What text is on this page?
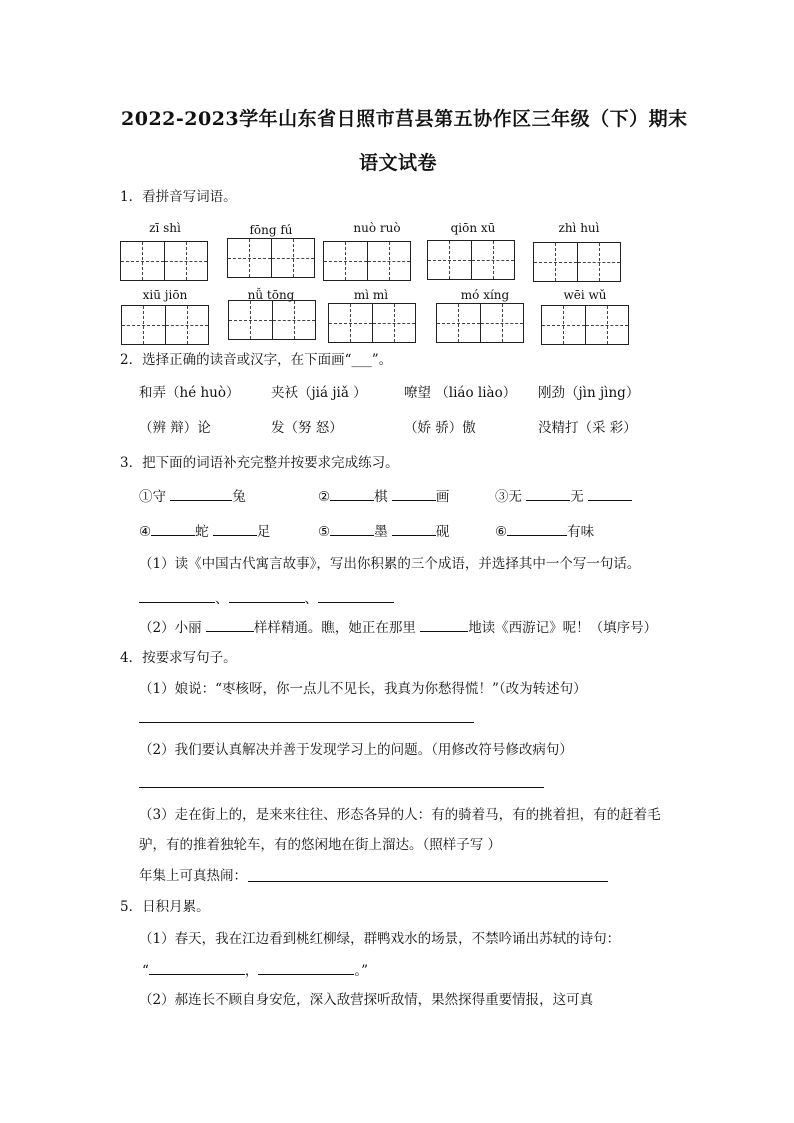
2022-2023学年山东省日照市莒县第五协作区三年级（下）期末
语文试卷
1．看拼音写词语。
zī shì	fōng fú	nuò ruò	qiōn xū	zhì huì
xiū jiōn	nǚ tōng	mì mì	mó xíng	wēi wǔ
2．选择正确的读音或汉字，在下面画“___”。
和弄（hé huò） 夹袄（jiá jiǎ ）	嘹望 （liáo liào） 刚劲（jìn jìng）
（辨 辩）论	发（努 怒）	（娇 骄）傲	没精打（采 彩）
3．把下面的词语补充完整并按要求完成练习。
①守	兔	②	棋	画	③无	无
④	蛇	足	⑤	墨	砚	⑥	有味
（1）读《中国古代寓言故事》，写出你积累的三个成语，并选择其中一个写一句话。
、	、
（2）小丽	样样精通。瞧，她正在那里	地读《西游记》呢！（填序号）
4．按要求写句子。
（1）娘说：“枣核呀，你一点儿不见长，我真为你愁得慌！”（改为转述句）
（2）我们要认真解决并善于发现学习上的问题。（用修改符号修改病句）
（3）走在街上的，是来来往往、形态各异的人：有的骑着马，有的挑着担，有的赶着毛
驴，有的推着独轮车，有的悠闲地在街上溜达。（照样子写 ）
年集上可真热闹：
5．日积月累。
（1）春天，我在江边看到桃红柳绿，群鸭戏水的场景，不禁吟诵出苏轼的诗句：
“	，	。”
（2）郝连长不顾自身安危，深入敌营探听敌情，果然探得重要情报，这可真
